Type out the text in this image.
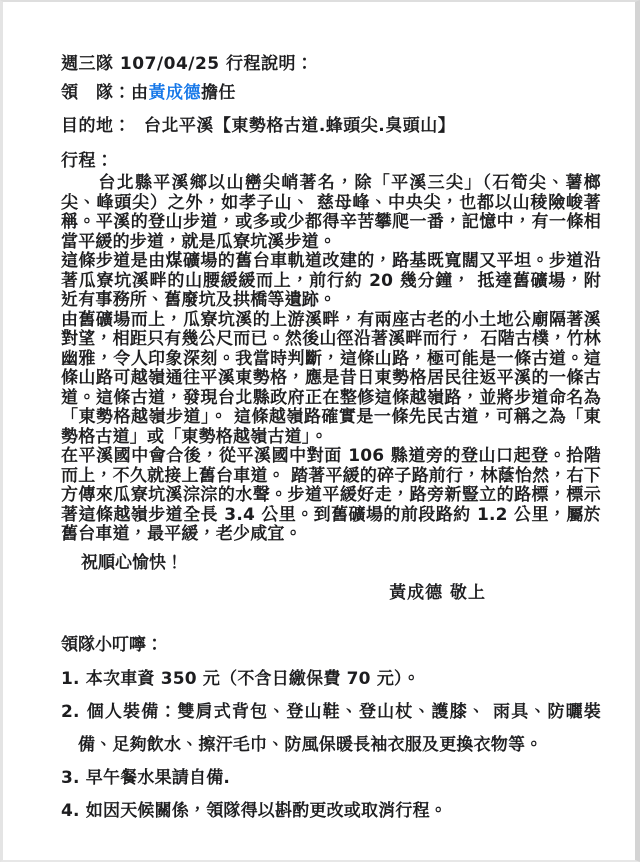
週三隊 107/04/25 行程說明：

領　隊：由黃成德擔任

目的地：  台北平溪【東勢格古道.蜂頭尖.臭頭山】

行程：

台北縣平溪鄉以山巒尖峭著名，除「平溪三尖」（石筍尖、薯榔尖、峰頭尖）之外，如孝子山、 慈母峰、中央尖，也都以山稜險峻著稱。平溪的登山步道，或多或少都得辛苦攀爬一番，記憶中，有一條相當平緩的步道，就是瓜寮坑溪步道。

這條步道是由煤礦場的舊台車軌道改建的，路基既寬闊又平坦。步道沿著瓜寮坑溪畔的山腰緩緩而上，前行約 20 幾分鐘， 抵達舊礦場，附近有事務所、舊廢坑及拱橋等遺跡。

由舊礦場而上，瓜寮坑溪的上游溪畔，有兩座古老的小土地公廟隔著溪對望，相距只有幾公尺而已。然後山徑沿著溪畔而行， 石階古樸，竹林幽雅，令人印象深刻。我當時判斷，這條山路，極可能是一條古道。這條山路可越嶺通往平溪東勢格，應是昔日東勢格居民往返平溪的一條古道。這條古道，發現台北縣政府正在整修這條越嶺路，並將步道命名為「東勢格越嶺步道」。 這條越嶺路確實是一條先民古道，可稱之為「東勢格古道」或「東勢格越嶺古道」。

在平溪國中會合後，從平溪國中對面 106 縣道旁的登山口起登。拾階而上，不久就接上舊台車道。 踏著平緩的碎子路前行，林蔭怡然，右下方傳來瓜寮坑溪淙淙的水聲。步道平緩好走，路旁新豎立的路標，標示著這條越嶺步道全長 3.4 公里。到舊礦場的前段路約 1.2 公里，屬於舊台車道，最平緩，老少咸宜。

祝順心愉快！

黃成德 敬上

領隊小叮嚀：

1. 本次車資 350 元（不含日繳保費 70 元）。

2. 個人裝備：雙肩式背包、登山鞋、登山杖、護膝、 雨具、防曬裝備、足夠飲水、擦汗毛巾、防風保暖長袖衣服及更換衣物等。

3. 早午餐水果請自備.

4. 如因天候關係，領隊得以斟酌更改或取消行程。
